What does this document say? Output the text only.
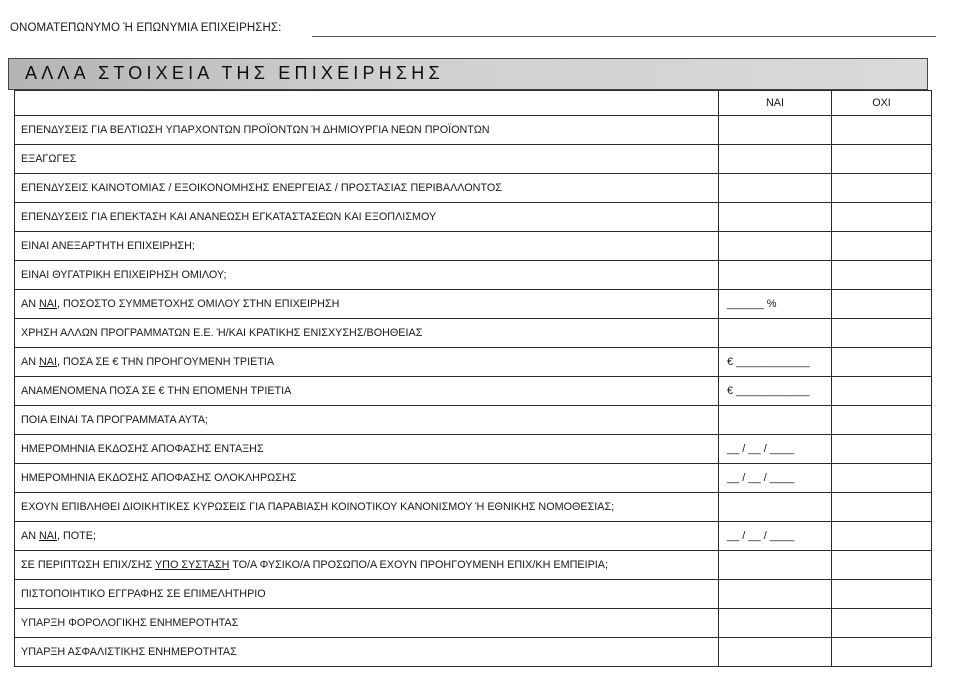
ΟΝΟΜΑΤΕΠΩΝΥΜΟ Ή ΕΠΩΝΥΜΙΑ ΕΠΙΧΕΙΡΗΣΗΣ:
ΑΛΛΑ ΣΤΟΙΧΕΙΑ ΤΗΣ ΕΠΙΧΕΙΡΗΣΗΣ
	ΝΑΙ	ΟΧΙ
ΕΠΕΝΔΥΣΕΙΣ ΓΙΑ ΒΕΛΤΙΩΣΗ ΥΠΑΡΧΟΝΤΩΝ ΠΡΟΪΟΝΤΩΝ Ή ΔΗΜΙΟΥΡΓΙΑ ΝΕΩΝ ΠΡΟΪΟΝΤΩΝ		
ΕΞΑΓΩΓΕΣ		
ΕΠΕΝΔΥΣΕΙΣ ΚΑΙΝΟΤΟΜΙΑΣ / ΕΞΟΙΚΟΝΟΜΗΣΗΣ ΕΝΕΡΓΕΙΑΣ / ΠΡΟΣΤΑΣΙΑΣ ΠΕΡΙΒΑΛΛΟΝΤΟΣ		
ΕΠΕΝΔΥΣΕΙΣ ΓΙΑ ΕΠΕΚΤΑΣΗ ΚΑΙ ΑΝΑΝΕΩΣΗ ΕΓΚΑΤΑΣΤΑΣΕΩΝ ΚΑΙ ΕΞΟΠΛΙΣΜΟΥ		
ΕΙΝΑΙ ΑΝΕΞΑΡΤΗΤΗ ΕΠΙΧΕΙΡΗΣΗ;		
ΕΙΝΑΙ ΘΥΓΑΤΡΙΚΗ ΕΠΙΧΕΙΡΗΣΗ ΟΜΙΛΟΥ;		
ΑΝ ΝΑΙ, ΠΟΣΟΣΤΟ ΣΥΜΜΕΤΟΧΗΣ ΟΜΙΛΟΥ ΣΤΗΝ ΕΠΙΧΕΙΡΗΣΗ	______ %	
ΧΡΗΣΗ ΑΛΛΩΝ ΠΡΟΓΡΑΜΜΑΤΩΝ Ε.Ε. Ή/ΚΑΙ ΚΡΑΤΙΚΗΣ ΕΝΙΣΧΥΣΗΣ/ΒΟΗΘΕΙΑΣ		
ΑΝ ΝΑΙ, ΠΟΣΑ ΣΕ € ΤΗΝ ΠΡΟΗΓΟΥΜΕΝΗ ΤΡΙΕΤΙΑ	€ ____________	
ΑΝΑΜΕΝΟΜΕΝΑ ΠΟΣΑ ΣΕ € ΤΗΝ ΕΠΟΜΕΝΗ ΤΡΙΕΤΙΑ	€ ____________	
ΠΟΙΑ ΕΙΝΑΙ ΤΑ ΠΡΟΓΡΑΜΜΑΤΑ ΑΥΤΑ;		
ΗΜΕΡΟΜΗΝΙΑ ΕΚΔΟΣΗΣ ΑΠΟΦΑΣΗΣ ΕΝΤΑΞΗΣ	__ / __ / ____	
ΗΜΕΡΟΜΗΝΙΑ ΕΚΔΟΣΗΣ ΑΠΟΦΑΣΗΣ ΟΛΟΚΛΗΡΩΣΗΣ	__ / __ / ____	
ΕΧΟΥΝ ΕΠΙΒΛΗΘΕΙ ΔΙΟΙΚΗΤΙΚΕΣ ΚΥΡΩΣΕΙΣ ΓΙΑ ΠΑΡΑΒΙΑΣΗ ΚΟΙΝΟΤΙΚΟΥ ΚΑΝΟΝΙΣΜΟΥ Ή ΕΘΝΙΚΗΣ ΝΟΜΟΘΕΣΙΑΣ;		
ΑΝ ΝΑΙ, ΠΟΤΕ;	__ / __ / ____	
ΣΕ ΠΕΡΙΠΤΩΣΗ ΕΠΙΧ/ΣΗΣ ΥΠΟ ΣΥΣΤΑΣΗ ΤΟ/Α ΦΥΣΙΚΟ/Α ΠΡΟΣΩΠΟ/Α ΕΧΟΥΝ ΠΡΟΗΓΟΥΜΕΝΗ ΕΠΙΧ/ΚΗ ΕΜΠΕΙΡΙΑ;		
ΠΙΣΤΟΠΟΙΗΤΙΚΟ ΕΓΓΡΑΦΗΣ ΣΕ ΕΠΙΜΕΛΗΤΗΡΙΟ		
ΥΠΑΡΞΗ ΦΟΡΟΛΟΓΙΚΗΣ ΕΝΗΜΕΡΟΤΗΤΑΣ		
ΥΠΑΡΞΗ ΑΣΦΑΛΙΣΤΙΚΗΣ ΕΝΗΜΕΡΟΤΗΤΑΣ		
